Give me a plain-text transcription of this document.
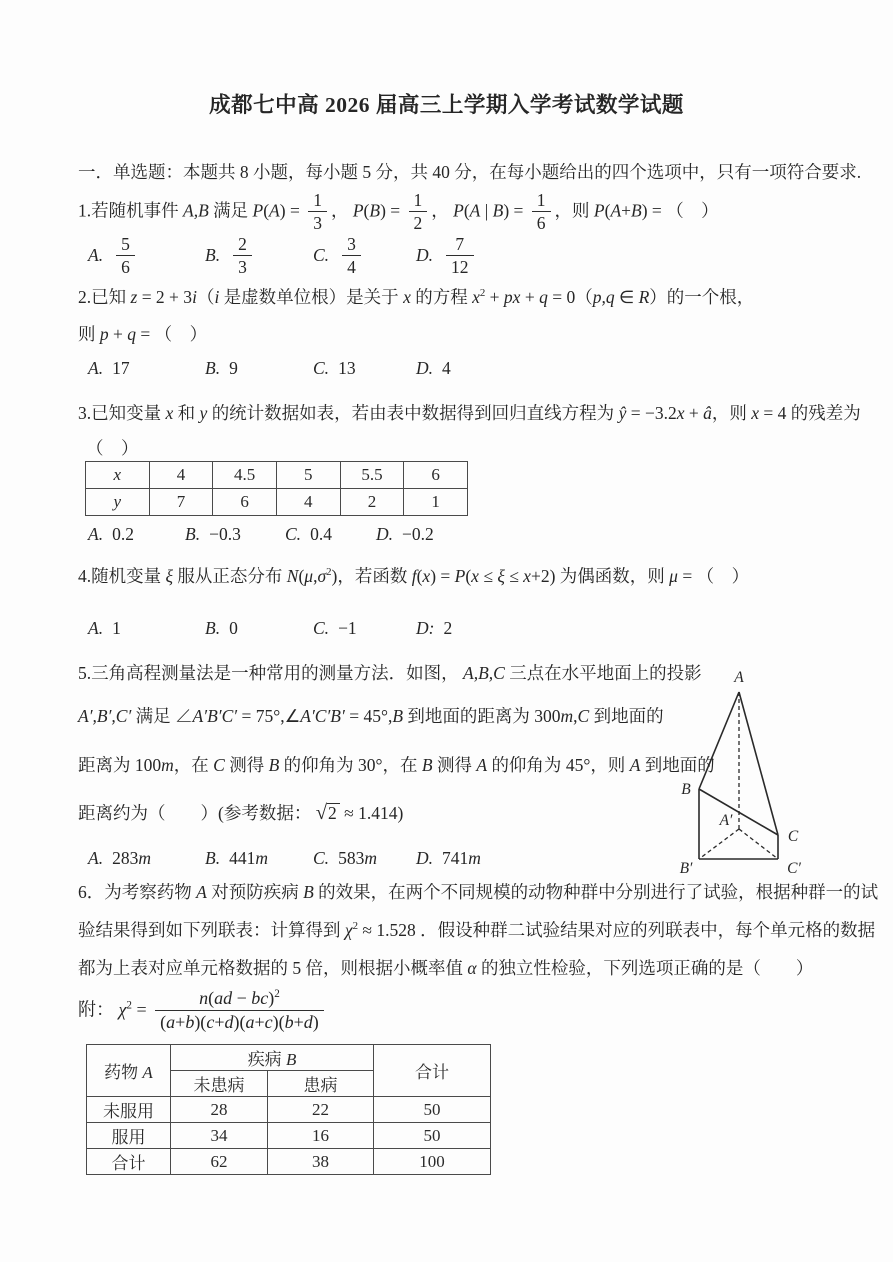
成都七中高 2026 届高三上学期入学考试数学试题
一．单选题：本题共 8 小题，每小题 5 分，共 40 分，在每小题给出的四个选项中，只有一项符合要求.
1.若随机事件 A,B 满足 $P(A) = \frac{1}{3}$ ， $P(B) = \frac{1}{2}$ ， P(A | $B) = \frac{1}{6}$ ，则 P(A+B) = （　）
A. $\frac{5}{6}$	B. $\frac{2}{3}$	C. $\frac{3}{4}$	D. $\frac{7}{12}$
2.已知 z = 2 + 3i（i 是虚数单位根）是关于 x 的方程 $x^2$ + px + q = 0（p,q ∈ R）的一个根，
则 p + q = （　）
A. 17	B. 9	C. 13	D. 4
3.已知变量 x 和 y 的统计数据如表，若由表中数据得到回归直线方程为 ŷ = −3.2x + â，则 x = 4 的残差为
（　）
x	4	4.5	5	5.5	6
y	7	6	4	2	1
A. 0.2	B. −0.3	C. 0.4	D. −0.2
4.随机变量 ξ 服从正态分布 $N(\mu,\sigma^2)$，若函数 f(x) = P(x ≤ ξ ≤ x+2) 为偶函数，则 μ = （　）
A. 1	B. 0	C. −1	D: 2
5.三角高程测量法是一种常用的测量方法．如图， A,B,C 三点在水平地面上的投影
A′,B′,C′ 满足 ∠A′B′C′ = 75°,∠A′C′B′ = 45°,B 到地面的距离为 300m,C 到地面的
距离为 100m，在 C 测得 B 的仰角为 30°，在 B 测得 A 的仰角为 45°，则 A 到地面的
距离约为（　　）(参考数据： √2 ≈ 1.414)
A. 283m	B. 441m	C. 583m D. 741m
A
B
C
A′
B′	C′
6．为考察药物 A 对预防疾病 B 的效果，在两个不同规模的动物种群中分别进行了试验，根据种群一的试
验结果得到如下列联表：计算得到 $\chi^2 \approx 1.528$ ．假设种群二试验结果对应的列联表中，每个单元格的数据
都为上表对应单元格数据的 5 倍，则根据小概率值 α 的独立性检验，下列选项正确的是（　　）
附： $\chi^2 = \frac{n(ad - bc)^2}{(a+b)(c+d)(a+c)(b+d)}$
药物 A	疾病 B		合计
	未患病	患病	
未服用	28	22	50
服用	34	16	50
合计	62	38	100
